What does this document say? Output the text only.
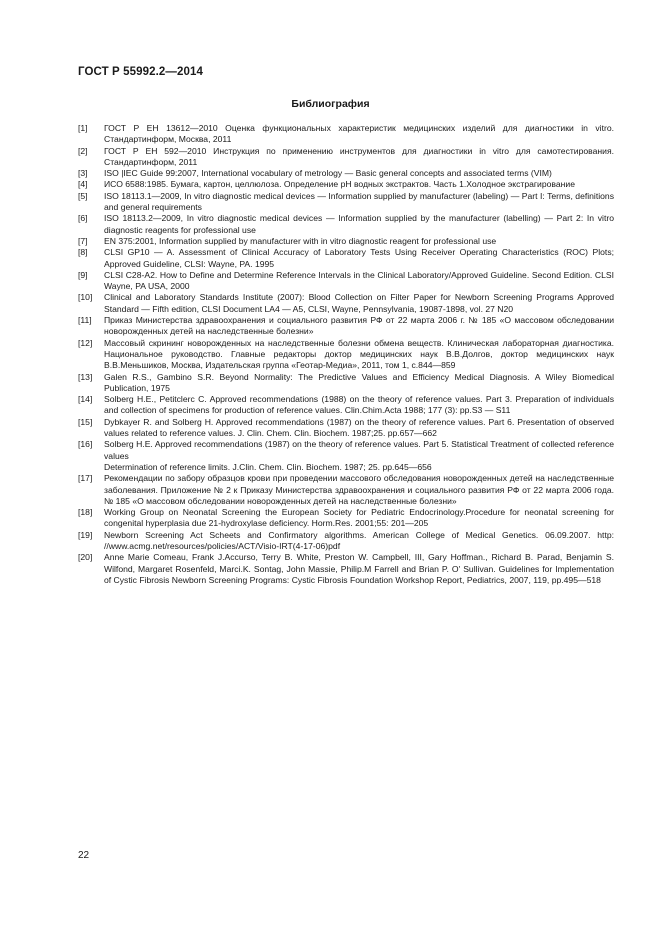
ГОСТ Р 55992.2—2014
Библиография
[1]	ГОСТ Р ЕН 13612—2010 Оценка функциональных характеристик медицинских изделий для диагностики in vitro. Стандартинформ, Москва, 2011
[2]	ГОСТ Р ЕН 592—2010 Инструкция по применению инструментов для диагностики in vitro для самотестирования. Стандартинформ, 2011
[3]	ISO |IEC Guide 99:2007, International vocabulary of metrology — Basic general concepts and associated terms (VIM)
[4]	ИСО 6588:1985. Бумага, картон, целлюлоза. Определение рН водных экстрактов. Часть 1.Холодное экстрагирование
[5]	ISO 18113.1—2009, In vitro diagnostic medical devices — Information supplied by manufacturer (labeling) — Part I: Terms, definitions and general requirements
[6]	ISO 18113.2—2009, In vitro diagnostic medical devices — Information supplied by the manufacturer (labelling) — Part 2: In vitro diagnostic reagents for professional use
[7]	EN 375:2001, Information supplied by manufacturer with in vitro diagnostic reagent for professional use
[8]	CLSI GP10 — A. Assessment of Clinical Accuracy of Laboratory Tests Using Receiver Operating Characteristics (ROC) Plots; Approved Guideline, CLSI: Wayne, PA. 1995
[9]	CLSI C28-A2. How to Define and Determine Reference Intervals in the Clinical Laboratory/Approved Guideline. Second Edition. CLSI Wayne, PA USA, 2000
[10]	Clinical and Laboratory Standards Institute (2007): Blood Collection on Filter Paper for Newborn Screening Programs Approved Standard — Fifth edition, CLSI Document LA4 — A5, CLSI, Wayne, Pennsylvania, 19087-1898, vol. 27 N20
[11]	Приказ Министерства здравоохранения и социального развития РФ от 22 марта 2006 г. № 185 «О массовом обследовании новорожденных детей на наследственные болезни»
[12]	Массовый скрининг новорожденных на наследственные болезни обмена веществ. Клиническая лабораторная диагностика. Национальное руководство. Главные редакторы доктор медицинских наук В.В.Долгов, доктор медицинских наук В.В.Меньшиков, Москва, Издательская группа «Геотар-Медиа», 2011, том 1, с.844—859
[13]	Galen R.S., Gambino S.R. Beyond Normality: The Predictive Values and Efficiency Medical Diagnosis. A Wiley Biomedical Publication, 1975
[14]	Solberg H.E., Petitclerc C. Approved recommendations (1988) on the theory of reference values. Part 3. Preparation of individuals and collection of specimens for production of reference values. Clin.Chim.Acta 1988; 177 (3): pp.S3 — S11
[15]	Dybkayer R. and Solberg H. Approved recommendations (1987) on the theory of reference values. Part 6. Presentation of observed values related to reference values. J. Clin. Chem. Clin. Biochem. 1987;25. pp.657—662
[16]	Solberg H.E. Approved recommendations (1987) on the theory of reference values. Part 5. Statistical Treatment of collected reference values
Determination of reference limits. J.Clin. Chem. Clin. Biochem. 1987; 25. pp.645—656
[17]	Рекомендации по забору образцов крови при проведении массового обследования новорожденных детей на наследственные заболевания. Приложение № 2 к Приказу Министерства здравоохранения и социального развития РФ от 22 марта 2006 года. № 185 «О массовом обследовании новорожденных детей на наследственные болезни»
[18]	Working Group on Neonatal Screening the European Society for Pediatric Endocrinology.Procedure for neonatal screening for congenital hyperplasia due 21-hydroxylase deficiency. Horm.Res. 2001;55: 201—205
[19]	Newborn Screening Act Scheets and Confirmatory algorithms. American College of Medical Genetics. 06.09.2007. http: //www.acmg.net/resources/policies/ACT/Visio-IRT(4-17-06)pdf
[20]	Anne Marie Comeau, Frank J.Accurso, Terry B. White, Preston W. Campbell, III, Gary Hoffman., Richard B. Parad, Benjamin S. Wilfond, Margaret Rosenfeld, Marci.K. Sontag, John Massie, Philip.M Farrell and Brian P. O' Sullivan. Guidelines for Implementation of Cystic Fibrosis Newborn Screening Programs: Cystic Fibrosis Foundation Workshop Report, Pediatrics, 2007, 119, pp.495—518
22
